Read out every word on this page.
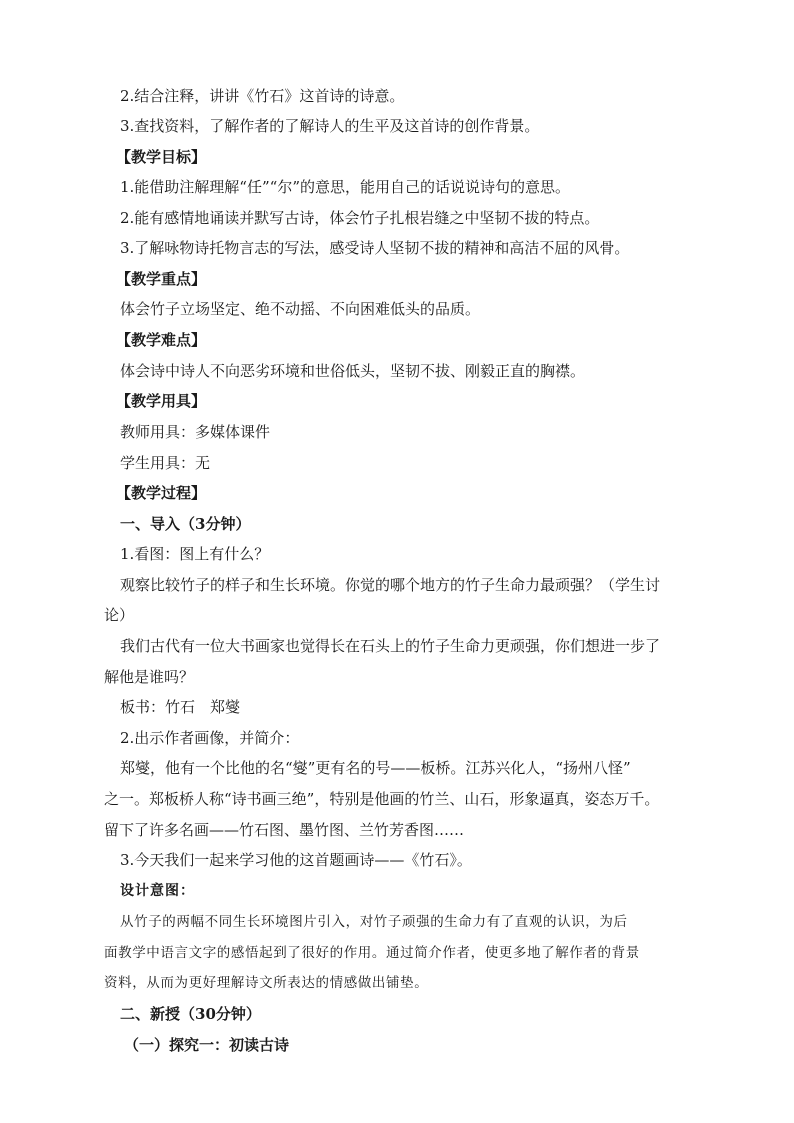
2.结合注释，讲讲《竹石》这首诗的诗意。
3.查找资料，了解作者的了解诗人的生平及这首诗的创作背景。
【教学目标】
1.能借助注解理解“任”“尔”的意思，能用自己的话说说诗句的意思。
2.能有感情地诵读并默写古诗，体会竹子扎根岩缝之中坚韧不拔的特点。
3.了解咏物诗托物言志的写法，感受诗人坚韧不拔的精神和高洁不屈的风骨。
【教学重点】
体会竹子立场坚定、绝不动摇、不向困难低头的品质。
【教学难点】
体会诗中诗人不向恶劣环境和世俗低头，坚韧不拔、刚毅正直的胸襟。
【教学用具】
教师用具：多媒体课件
学生用具：无
【教学过程】
一、导入（3分钟）
1.看图：图上有什么？
观察比较竹子的样子和生长环境。你觉的哪个地方的竹子生命力最顽强？（学生讨
论）
我们古代有一位大书画家也觉得长在石头上的竹子生命力更顽强，你们想进一步了
解他是谁吗？
板书：竹石　郑燮
2.出示作者画像，并简介：
郑燮，他有一个比他的名“燮”更有名的号——板桥。江苏兴化人，“扬州八怪”
之一。郑板桥人称“诗书画三绝”，特别是他画的竹兰、山石，形象逼真，姿态万千。
留下了许多名画——竹石图、墨竹图、兰竹芳香图……
3.今天我们一起来学习他的这首题画诗——《竹石》。
设计意图：
从竹子的两幅不同生长环境图片引入，对竹子顽强的生命力有了直观的认识，为后
面教学中语言文字的感悟起到了很好的作用。通过简介作者，使更多地了解作者的背景
资料，从而为更好理解诗文所表达的情感做出铺垫。
二、新授（30分钟）
（一）探究一：初读古诗
